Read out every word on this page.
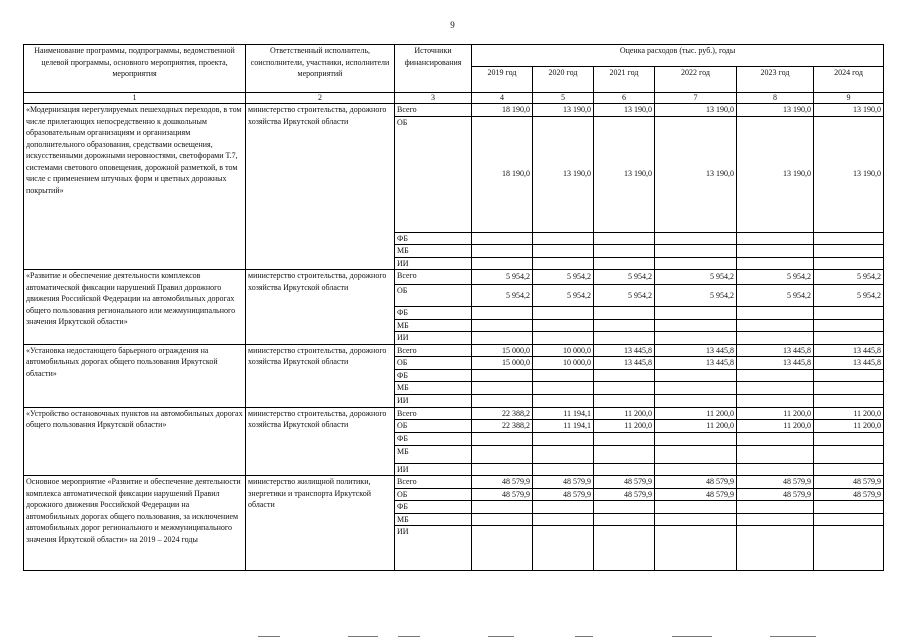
9
Наименование программы, подпрограммы, ведомственной целевой программы, основного мероприятия, проекта, мероприятия	Ответственный исполнитель, соисполнители, участники, исполнители мероприятий	Источники финансирования	Оценка расходов (тыс. руб.), годы					
			2019 год	2020 год	2021 год	2022 год	2023 год	2024 год
1	2	3	4	5	6	7	8	9
«Модернизация нерегулируемых пешеходных переходов, в том числе прилегающих непосредственно к дошкольным образовательным организациям и организациям дополнительного образования, средствами освещения, искусственными дорожными неровностями, светофорами Т.7, системами светового оповещения, дорожной разметкой, в том числе с применением штучных форм и цветных дорожных покрытий»	министерство строительства, дорожного хозяйства Иркутской области	Всего	18 190,0	13 190,0	13 190,0	13 190,0	13 190,0	13 190,0
		ОБ	18 190,0	13 190,0	13 190,0	13 190,0	13 190,0	13 190,0
		ФБ						
		МБ						
		ИИ						
«Развитие и обеспечение деятельности комплексов автоматической фиксации нарушений Правил дорожного движения Российской Федерации на автомобильных дорогах общего пользования регионального или межмуниципального значения Иркутской области»	министерство строительства, дорожного хозяйства Иркутской области	Всего	5 954,2	5 954,2	5 954,2	5 954,2	5 954,2	5 954,2
		ОБ	5 954,2	5 954,2	5 954,2	5 954,2	5 954,2	5 954,2
		ФБ						
		МБ						
		ИИ						
«Установка недостающего барьерного ограждения на автомобильных дорогах общего пользования Иркутской области»	министерство строительства, дорожного хозяйства Иркутской области	Всего	15 000,0	10 000,0	13 445,8	13 445,8	13 445,8	13 445,8
		ОБ	15 000,0	10 000,0	13 445,8	13 445,8	13 445,8	13 445,8
		ФБ						
		МБ						
		ИИ						
«Устройство остановочных пунктов на автомобильных дорогах общего пользования Иркутской области»	министерство строительства, дорожного хозяйства Иркутской области	Всего	22 388,2	11 194,1	11 200,0	11 200,0	11 200,0	11 200,0
		ОБ	22 388,2	11 194,1	11 200,0	11 200,0	11 200,0	11 200,0
		ФБ						
		МБ						
		ИИ						
Основное мероприятие «Развитие и обеспечение деятельности комплекса автоматической фиксации нарушений Правил дорожного движения Российской Федерации на автомобильных дорогах общего пользования, за исключением автомобильных дорог регионального и межмуниципального значения Иркутской области» на 2019 – 2024 годы	министерство жилищной политики, энергетики и транспорта Иркутской области	Всего	48 579,9	48 579,9	48 579,9	48 579,9	48 579,9	48 579,9
		ОБ	48 579,9	48 579,9	48 579,9	48 579,9	48 579,9	48 579,9
		ФБ						
		МБ						
		ИИ						
